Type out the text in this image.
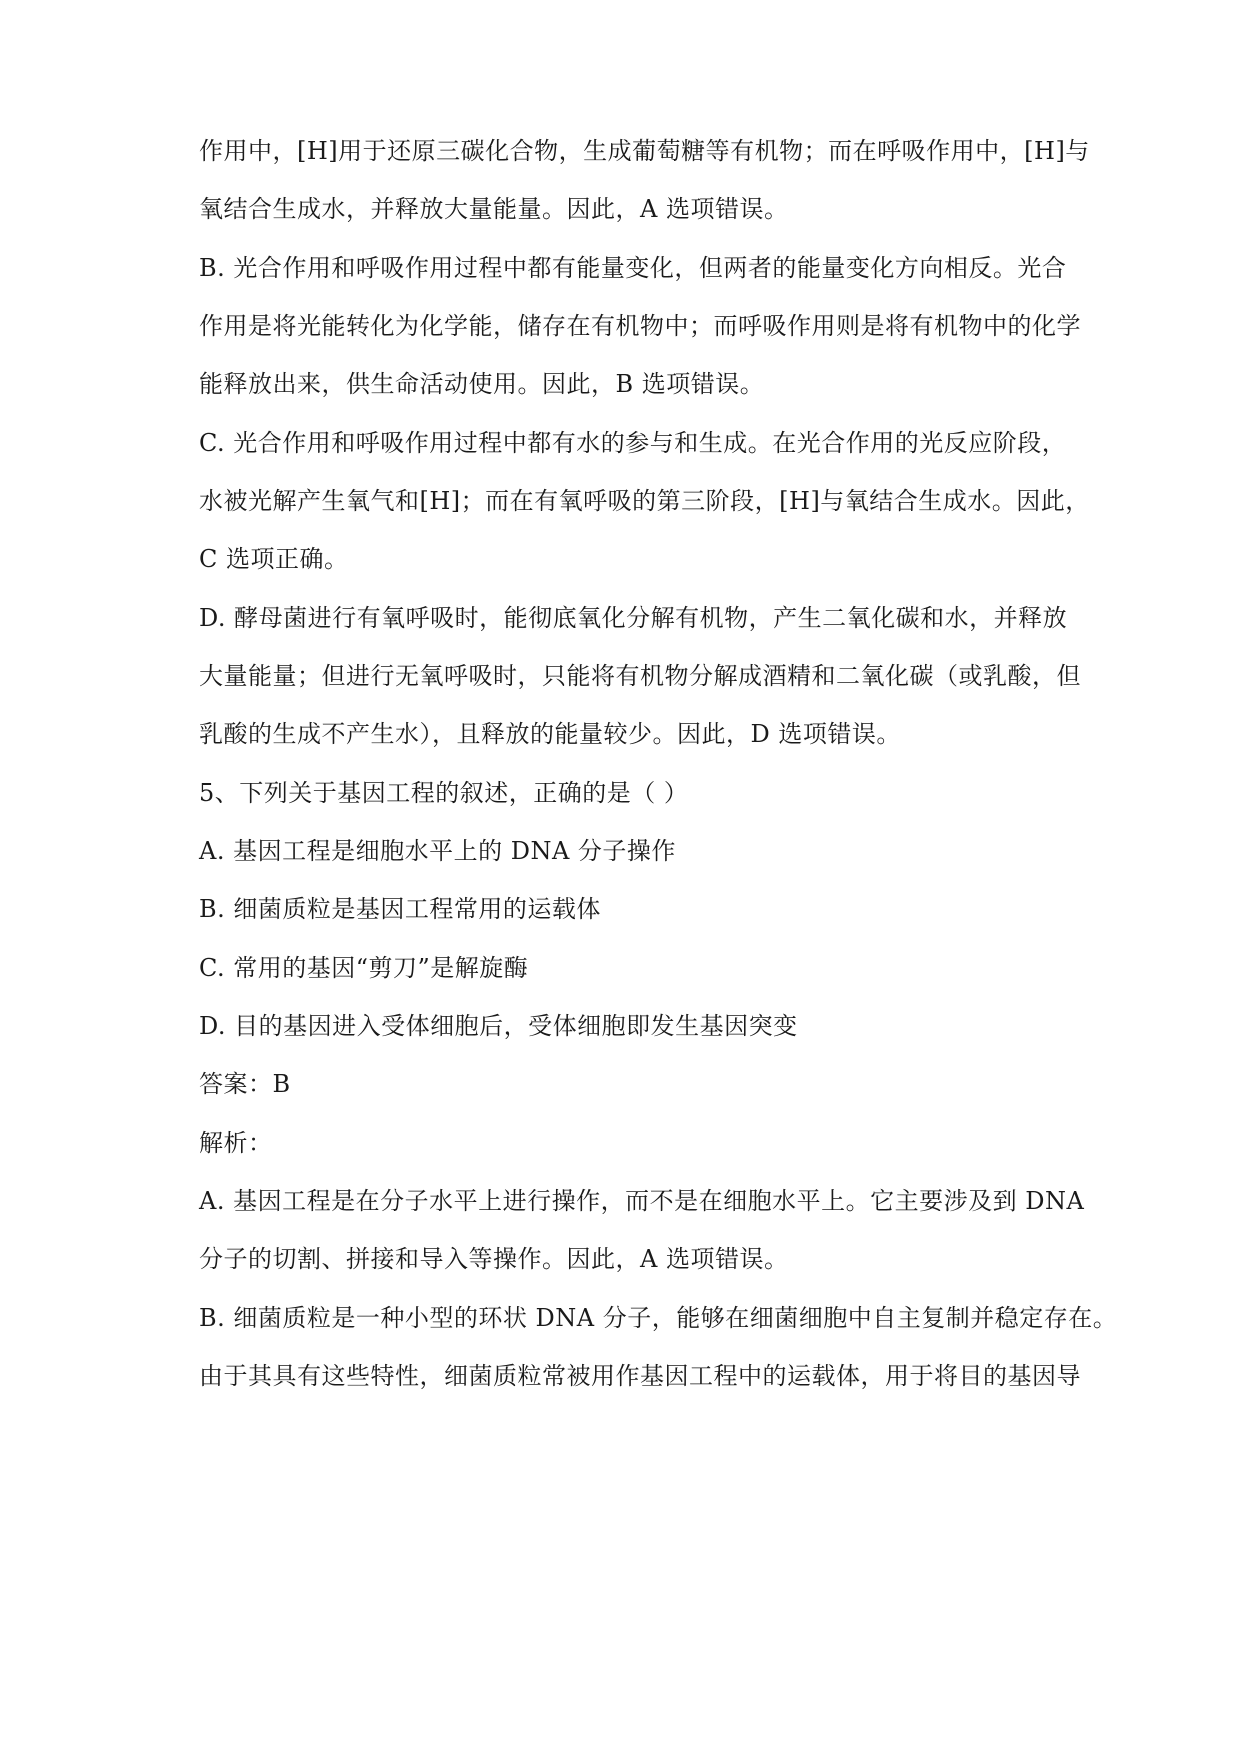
作用中，[H]用于还原三碳化合物，生成葡萄糖等有机物；而在呼吸作用中，[H]与
氧结合生成水，并释放大量能量。因此，A 选项错误。
B. 光合作用和呼吸作用过程中都有能量变化，但两者的能量变化方向相反。光合
作用是将光能转化为化学能，储存在有机物中；而呼吸作用则是将有机物中的化学
能释放出来，供生命活动使用。因此，B 选项错误。
C. 光合作用和呼吸作用过程中都有水的参与和生成。在光合作用的光反应阶段，
水被光解产生氧气和[H]；而在有氧呼吸的第三阶段，[H]与氧结合生成水。因此，
C 选项正确。
D. 酵母菌进行有氧呼吸时，能彻底氧化分解有机物，产生二氧化碳和水，并释放
大量能量；但进行无氧呼吸时，只能将有机物分解成酒精和二氧化碳（或乳酸，但
乳酸的生成不产生水），且释放的能量较少。因此，D 选项错误。
5、下列关于基因工程的叙述，正确的是（ ）
A. 基因工程是细胞水平上的 DNA 分子操作
B. 细菌质粒是基因工程常用的运载体
C. 常用的基因“剪刀”是解旋酶
D. 目的基因进入受体细胞后，受体细胞即发生基因突变
答案：B
解析：
A. 基因工程是在分子水平上进行操作，而不是在细胞水平上。它主要涉及到 DNA
分子的切割、拼接和导入等操作。因此，A 选项错误。
B. 细菌质粒是一种小型的环状 DNA 分子，能够在细菌细胞中自主复制并稳定存在。
由于其具有这些特性，细菌质粒常被用作基因工程中的运载体，用于将目的基因导
